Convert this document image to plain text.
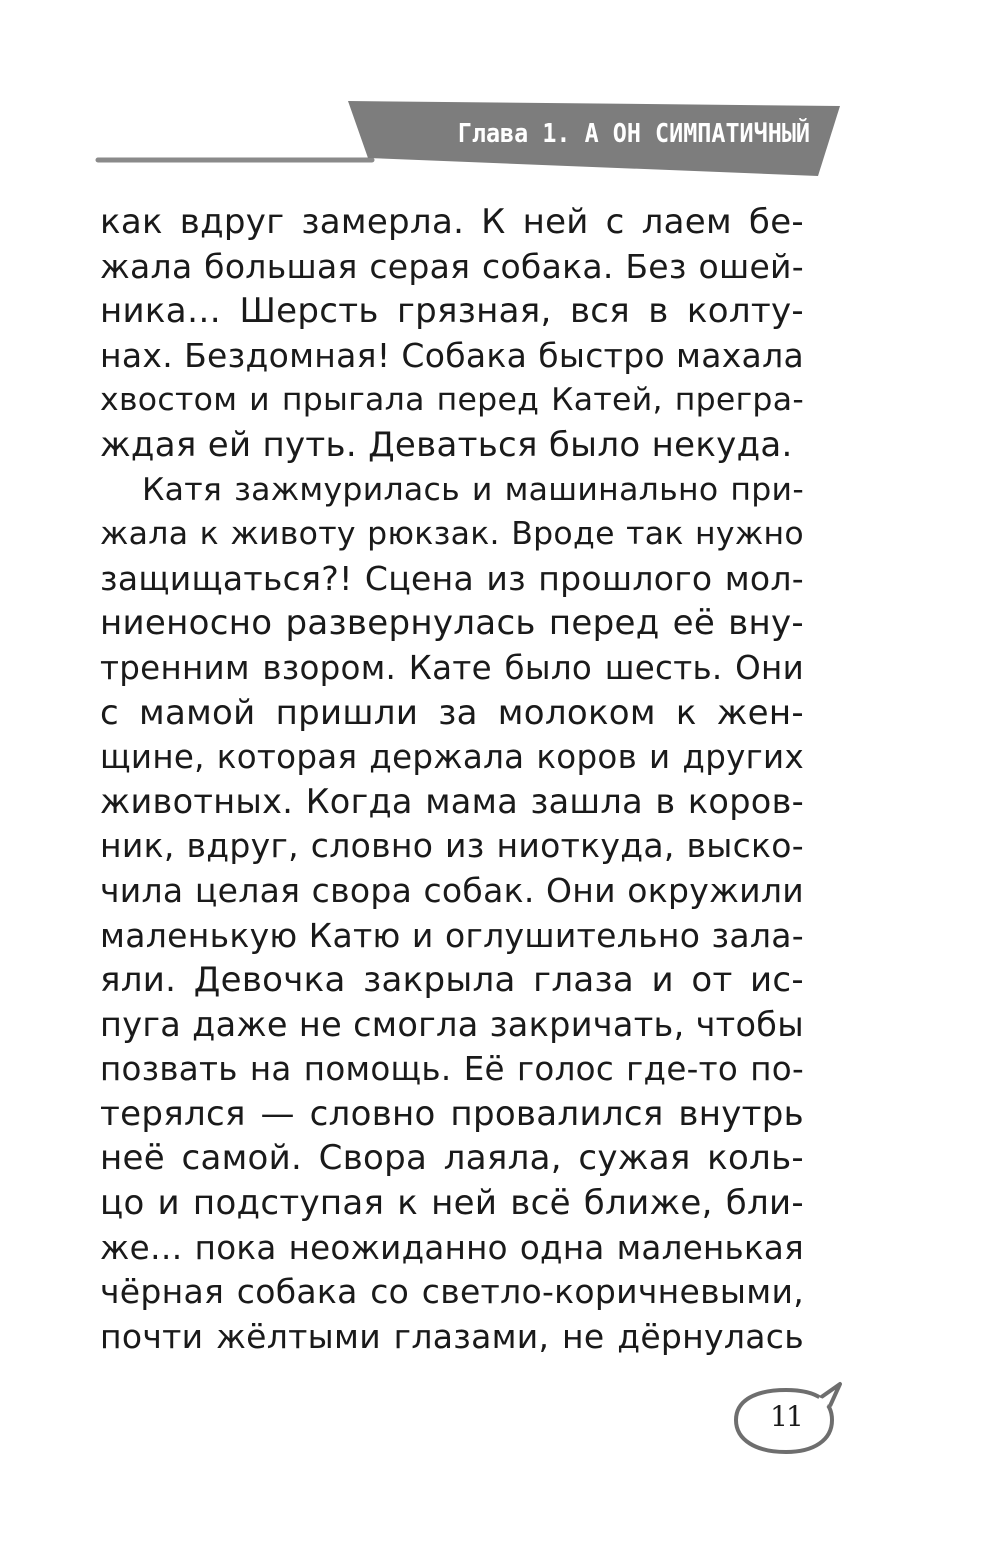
Глава 1. А ОН СИМПАТИЧНЫЙ
как вдруг замерла. К ней с лаем бе-
жала большая серая собака. Без ошей-
ника… Шерсть грязная, вся в колту-
нах. Бездомная! Собака быстро махала
хвостом и прыгала перед Катей, прегра-
ждая ей путь. Деваться было некуда.
Катя зажмурилась и машинально при-
жала к животу рюкзак. Вроде так нужно
защищаться?! Сцена из прошлого мол-
ниеносно развернулась перед её вну-
тренним взором. Кате было шесть. Они
с мамой пришли за молоком к жен-
щине, которая держала коров и других
животных. Когда мама зашла в коров-
ник, вдруг, словно из ниоткуда, выско-
чила целая свора собак. Они окружили
маленькую Катю и оглушительно зала-
яли. Девочка закрыла глаза и от ис-
пуга даже не смогла закричать, чтобы
позвать на помощь. Её голос где-то по-
терялся — словно провалился внутрь
неё самой. Свора лаяла, сужая коль-
цо и подступая к ней всё ближе, бли-
же… пока неожиданно одна маленькая
чёрная собака со светло-коричневыми,
почти жёлтыми глазами, не дёрнулась
11
